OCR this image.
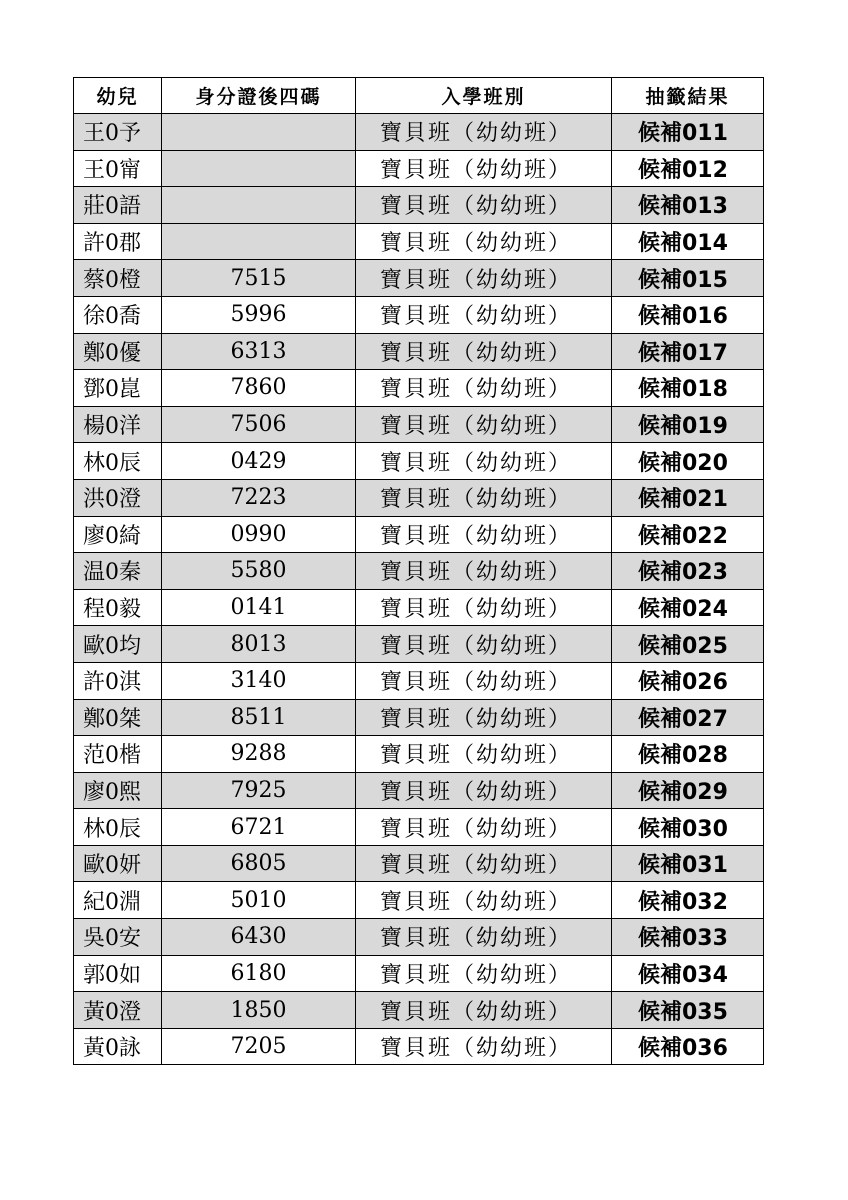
幼兒	身分證後四碼	入學班別	抽籤結果
王0予		寶貝班（幼幼班）	候補011
王0甯		寶貝班（幼幼班）	候補012
莊0語		寶貝班（幼幼班）	候補013
許0郡		寶貝班（幼幼班）	候補014
蔡0橙	7515	寶貝班（幼幼班）	候補015
徐0喬	5996	寶貝班（幼幼班）	候補016
鄭0優	6313	寶貝班（幼幼班）	候補017
鄧0崑	7860	寶貝班（幼幼班）	候補018
楊0洋	7506	寶貝班（幼幼班）	候補019
林0辰	0429	寶貝班（幼幼班）	候補020
洪0澄	7223	寶貝班（幼幼班）	候補021
廖0綺	0990	寶貝班（幼幼班）	候補022
温0秦	5580	寶貝班（幼幼班）	候補023
程0毅	0141	寶貝班（幼幼班）	候補024
歐0均	8013	寶貝班（幼幼班）	候補025
許0淇	3140	寶貝班（幼幼班）	候補026
鄭0桀	8511	寶貝班（幼幼班）	候補027
范0楷	9288	寶貝班（幼幼班）	候補028
廖0熙	7925	寶貝班（幼幼班）	候補029
林0辰	6721	寶貝班（幼幼班）	候補030
歐0妍	6805	寶貝班（幼幼班）	候補031
紀0淵	5010	寶貝班（幼幼班）	候補032
吳0安	6430	寶貝班（幼幼班）	候補033
郭0如	6180	寶貝班（幼幼班）	候補034
黃0澄	1850	寶貝班（幼幼班）	候補035
黃0詠	7205	寶貝班（幼幼班）	候補036
